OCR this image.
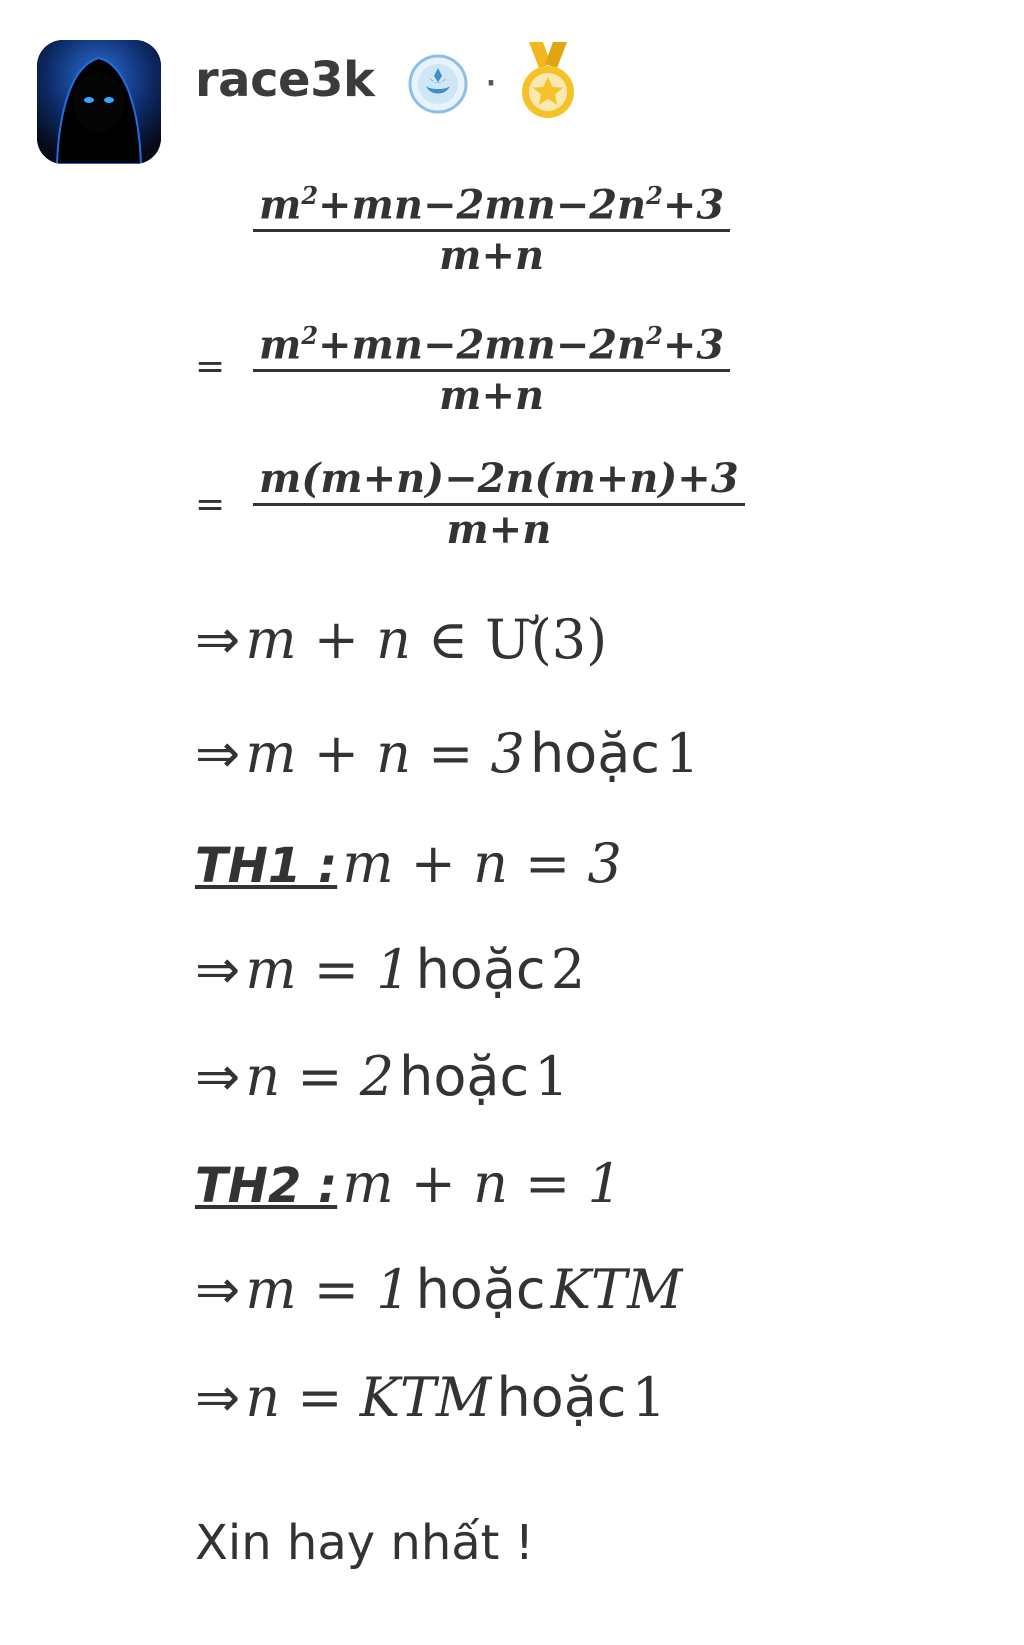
race3k ·
$\frac{m^2+mn-2mn-2n^2+3}{m+n}$
= $\frac{m^2+mn-2mn-2n^2+3}{m+n}$
= $\frac{m(m+n)-2n(m+n)+3}{m+n}$
⇒ m + n ∈ Ư(3)
⇒ m + n = 3 hoặc 1
TH1 : m + n = 3
⇒ m = 1 hoặc 2
⇒ n = 2 hoặc 1
TH2 : m + n = 1
⇒ m = 1 hoặc KTM
⇒ n = KTM hoặc 1
Xin hay nhất !
